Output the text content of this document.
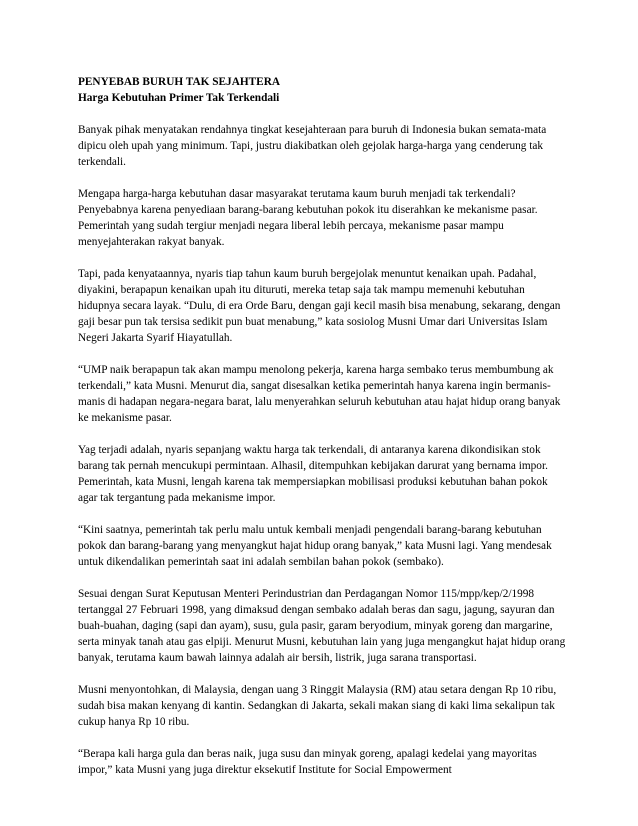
PENYEBAB BURUH TAK SEJAHTERA

Harga Kebutuhan Primer Tak Terkendali

Banyak pihak menyatakan rendahnya tingkat kesejahteraan para buruh di Indonesia bukan semata-mata dipicu oleh upah yang minimum. Tapi, justru diakibatkan oleh gejolak harga-harga yang cenderung tak terkendali.

Mengapa harga-harga kebutuhan dasar masyarakat terutama kaum buruh menjadi tak terkendali? Penyebabnya karena penyediaan barang-barang kebutuhan pokok itu diserahkan ke mekanisme pasar. Pemerintah yang sudah tergiur menjadi negara liberal lebih percaya, mekanisme pasar mampu menyejahterakan rakyat banyak.

Tapi, pada kenyataannya, nyaris tiap tahun kaum buruh bergejolak menuntut kenaikan upah. Padahal, diyakini, berapapun kenaikan upah itu dituruti, mereka tetap saja tak mampu memenuhi kebutuhan hidupnya secara layak. “Dulu, di era Orde Baru, dengan gaji kecil masih bisa menabung, sekarang, dengan gaji besar pun tak tersisa sedikit pun buat menabung,” kata sosiolog Musni Umar dari Universitas Islam Negeri Jakarta Syarif Hiayatullah.

“UMP naik berapapun tak akan mampu menolong pekerja, karena harga sembako terus membumbung ak terkendali,” kata Musni. Menurut dia, sangat disesalkan ketika pemerintah hanya karena ingin bermanis-manis di hadapan negara-negara barat, lalu menyerahkan seluruh kebutuhan atau hajat hidup orang banyak ke mekanisme pasar.

Yag terjadi adalah, nyaris sepanjang waktu harga tak terkendali, di antaranya karena dikondisikan stok barang tak pernah mencukupi permintaan. Alhasil, ditempuhkan kebijakan darurat yang bernama impor. Pemerintah, kata Musni, lengah karena tak mempersiapkan mobilisasi produksi kebutuhan bahan pokok agar tak tergantung pada mekanisme impor.

“Kini saatnya, pemerintah tak perlu malu untuk kembali menjadi pengendali barang-barang kebutuhan pokok dan barang-barang yang menyangkut hajat hidup orang banyak,” kata Musni lagi. Yang mendesak untuk dikendalikan pemerintah saat ini adalah sembilan bahan pokok (sembako).

Sesuai dengan Surat Keputusan Menteri Perindustrian dan Perdagangan Nomor 115/mpp/kep/2/1998 tertanggal 27 Februari 1998, yang dimaksud dengan sembako adalah beras dan sagu, jagung, sayuran dan buah-buahan, daging (sapi dan ayam), susu, gula pasir, garam beryodium, minyak goreng dan margarine, serta minyak tanah atau gas elpiji. Menurut Musni, kebutuhan lain yang juga mengangkut hajat hidup orang banyak, terutama kaum bawah lainnya adalah air bersih, listrik, juga sarana transportasi.

Musni menyontohkan, di Malaysia, dengan uang 3 Ringgit Malaysia (RM) atau setara dengan Rp 10 ribu, sudah bisa makan kenyang di kantin. Sedangkan di Jakarta, sekali makan siang di kaki lima sekalipun tak cukup hanya Rp 10 ribu.

“Berapa kali harga gula dan beras naik, juga susu dan minyak goreng, apalagi kedelai yang mayoritas impor,” kata Musni yang juga direktur eksekutif Institute for Social Empowerment
